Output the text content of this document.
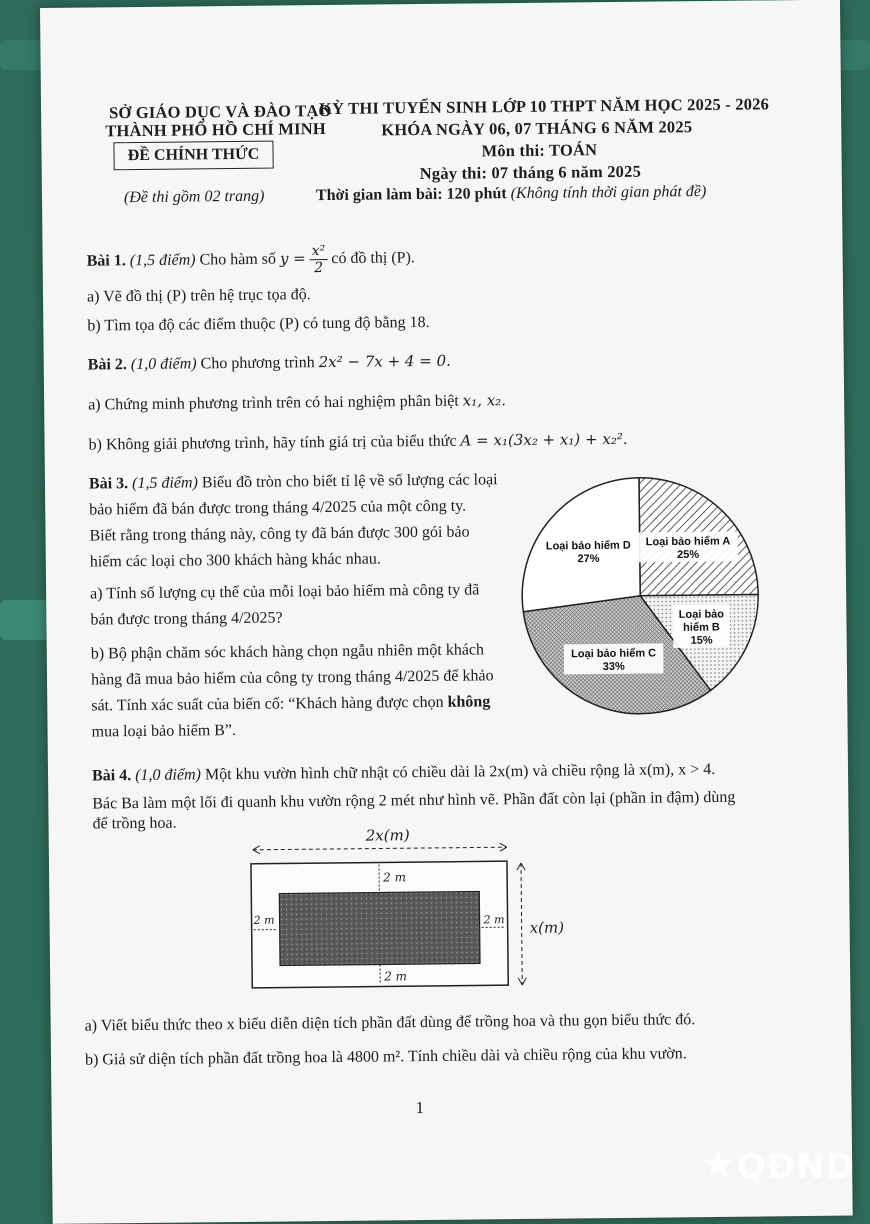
SỞ GIÁO DỤC VÀ ĐÀO TẠO
THÀNH PHỐ HỒ CHÍ MINH
ĐỀ CHÍNH THỨC
(Đề thi gồm 02 trang)
KỲ THI TUYỂN SINH LỚP 10 THPT NĂM HỌC 2025 - 2026
KHÓA NGÀY 06, 07 THÁNG 6 NĂM 2025
Môn thi: TOÁN
Ngày thi: 07 tháng 6 năm 2025
Thời gian làm bài: 120 phút (Không tính thời gian phát đề)
Bài 1. (1,5 điểm) Cho hàm số $y = \frac{\text{x²}}{2}$ có đồ thị (P).
a) Vẽ đồ thị (P) trên hệ trục tọa độ.
b) Tìm tọa độ các điểm thuộc (P) có tung độ bằng 18.
Bài 2. (1,0 điểm) Cho phương trình 2x² − 7x + 4 = 0.
a) Chứng minh phương trình trên có hai nghiệm phân biệt x₁, x₂.
b) Không giải phương trình, hãy tính giá trị của biểu thức A = x₁(3x₂ + x₁) + x₂².
Bài 3. (1,5 điểm) Biểu đồ tròn cho biết tỉ lệ về số lượng các loại
bảo hiểm đã bán được trong tháng 4/2025 của một công ty.
Biết rằng trong tháng này, công ty đã bán được 300 gói bảo
hiểm các loại cho 300 khách hàng khác nhau.
a) Tính số lượng cụ thể của mỗi loại bảo hiểm mà công ty đã
bán được trong tháng 4/2025?
b) Bộ phận chăm sóc khách hàng chọn ngẫu nhiên một khách
hàng đã mua bảo hiểm của công ty trong tháng 4/2025 để khảo
sát. Tính xác suất của biến cố: “Khách hàng được chọn không
mua loại bảo hiểm B”.
Loại bảo hiểm A
25%
Loại bảo
hiểm B
15%
Loại bảo hiểm C
33%
Loại bảo hiểm D
27%
Bài 4. (1,0 điểm) Một khu vườn hình chữ nhật có chiều dài là 2x(m) và chiều rộng là x(m), x > 4.
Bác Ba làm một lối đi quanh khu vườn rộng 2 mét như hình vẽ. Phần đất còn lại (phần in đậm) dùng
để trồng hoa.
2x(m)
2 m
2 m
2 m	2 m x(m)
a) Viết biểu thức theo x biểu diễn diện tích phần đất dùng để trồng hoa và thu gọn biểu thức đó.
b) Giả sử diện tích phần đất trồng hoa là 4800 m². Tính chiều dài và chiều rộng của khu vườn.
1
★QĐND
